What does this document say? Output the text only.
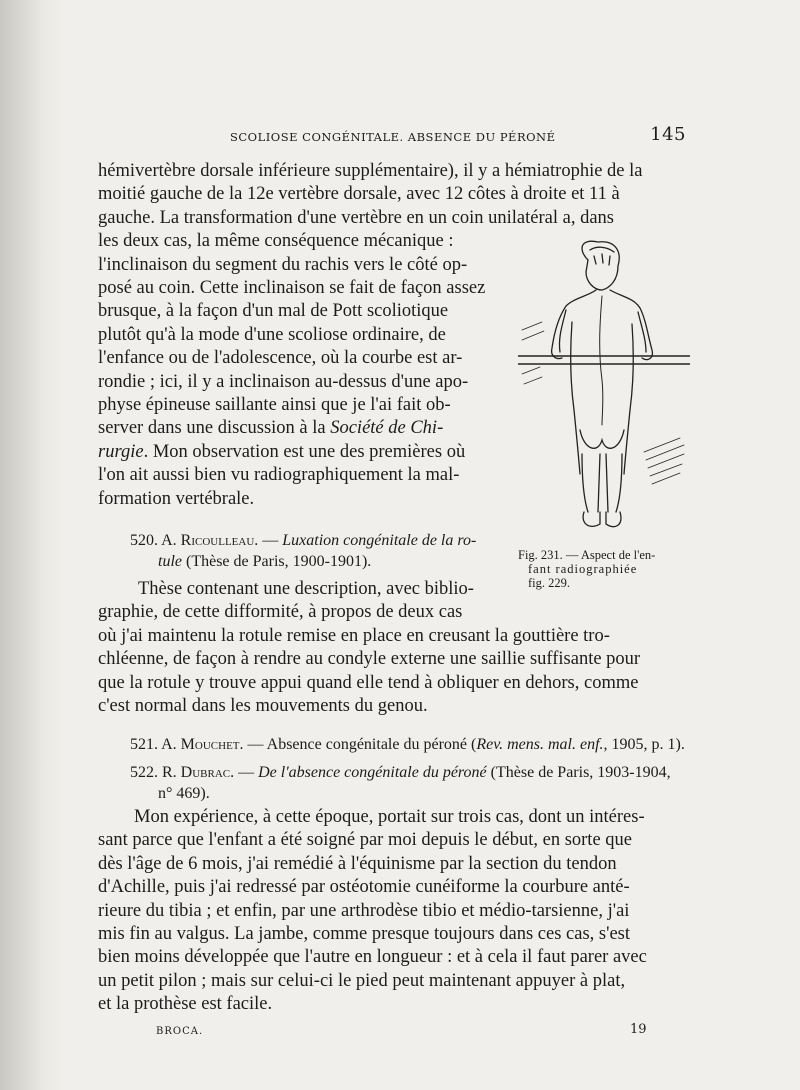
SCOLIOSE CONGÉNITALE. ABSENCE DU PÉRONÉ	145

hémivertèbre dorsale inférieure supplémentaire), il y a hémiatrophie de la

moitié gauche de la 12e vertèbre dorsale, avec 12 côtes à droite et 11 à

gauche. La transformation d'une vertèbre en un coin unilatéral a, dans

les deux cas, la même conséquence mécanique :

l'inclinaison du segment du rachis vers le côté op-

posé au coin. Cette inclinaison se fait de façon assez

brusque, à la façon d'un mal de Pott scoliotique

plutôt qu'à la mode d'une scoliose ordinaire, de

l'enfance ou de l'adolescence, où la courbe est ar-

rondie ; ici, il y a inclinaison au-dessus d'une apo-

physe épineuse saillante ainsi que je l'ai fait ob-

server dans une discussion à la Société de Chi-

rurgie. Mon observation est une des premières où

l'on ait aussi bien vu radiographiquement la mal-

formation vertébrale.

520. A. Ricoulleau. — Luxation congénitale de la ro-
tule (Thèse de Paris, 1900-1901).	Fig. 231. — Aspect de l'en-
fant radiographiée
fig. 229.

Thèse contenant une description, avec biblio-

graphie, de cette difformité, à propos de deux cas

où j'ai maintenu la rotule remise en place en creusant la gouttière tro-

chléenne, de façon à rendre au condyle externe une saillie suffisante pour

que la rotule y trouve appui quand elle tend à obliquer en dehors, comme

c'est normal dans les mouvements du genou.

521. A. Mouchet. — Absence congénitale du péroné (Rev. mens. mal. enf., 1905, p. 1).
522. R. Dubrac. — De l'absence congénitale du péroné (Thèse de Paris, 1903-1904,
n° 469).

Mon expérience, à cette époque, portait sur trois cas, dont un intéres-

sant parce que l'enfant a été soigné par moi depuis le début, en sorte que

dès l'âge de 6 mois, j'ai remédié à l'équinisme par la section du tendon

d'Achille, puis j'ai redressé par ostéotomie cunéiforme la courbure anté-

rieure du tibia ; et enfin, par une arthrodèse tibio et médio-tarsienne, j'ai

mis fin au valgus. La jambe, comme presque toujours dans ces cas, s'est

bien moins développée que l'autre en longueur : et à cela il faut parer avec

un petit pilon ; mais sur celui-ci le pied peut maintenant appuyer à plat,

et la prothèse est facile.

BROCA.	19
